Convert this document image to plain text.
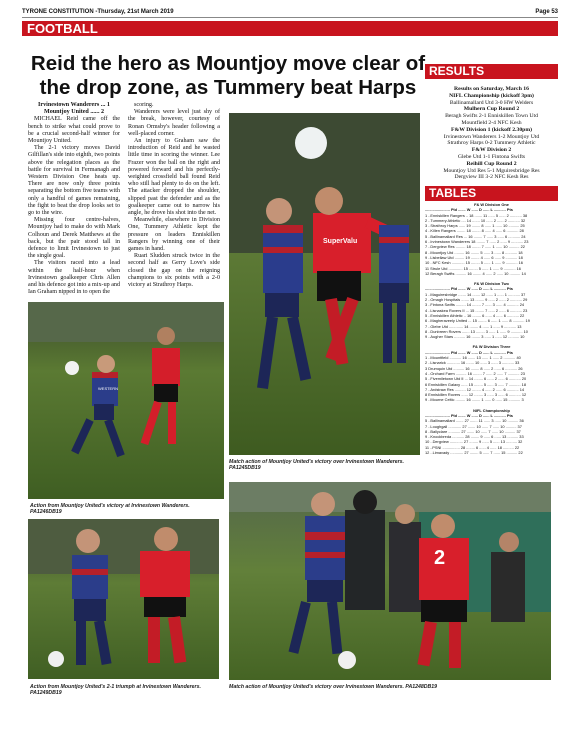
TYRONE CONSTITUTION -Thursday, 21st March 2019	Page 53
FOOTBALL
Reid the hero as Mountjoy move clear of the drop zone, as Tummery beat Harps

Irvinestown Wanderers ... 1

Mountjoy United ...... 2

MICHAEL Reid came off the bench to strike what could prove to be a crucial second-half winner for Mountjoy United.

The 2-1 victory moves David Gilfillan's side into eighth, two points above the relegation places as the battle for survival in Fermanagh and Western Division One heats up. There are now only three points separating the bottom five teams with only a handful of games remaining, the fight to beat the drop looks set to go to the wire.

Missing four centre-halves, Mountjoy had to make do with Mark Colhoun and Derek Matthews at the back, but the pair stood tall in defence to limit Irvinestown to just the single goal.

The visitors raced into a lead within the half-hour when Irvinestown goalkeeper Chris Allen and his defence got into a mix-up and Ian Graham nipped in to open the

scoring.

Wanderers were level just shy of the break, however, courtesy of Ronan Ormsby's header following a well-placed corner.

An injury to Graham saw the introduction of Reid and he wasted little time in scoring the winner. Lee Frazer won the ball on the right and powered forward and his perfectly-weighted crossfield ball found Reid who still had plenty to do on the left. The attacker dropped the shoulder, slipped past the defender and as the goalkeeper came out to narrow his angle, he drove his shot into the net.

Meanwhile, elsewhere in Division One, Tummery Athletic kept the pressure on leaders Enniskillen Rangers by winning one of their games in hand.

Ruari Sludden struck twice in the second half as Gerry Love's side closed the gap on the reigning champions to six points with a 2-0 victory at Strathroy Harps.

WESTERN
Action from Mountjoy United's victory at Irvinestown Wanderers. PA1246DB19
SuperValu
Match action of Mountjoy United's victory over Irvinestown Wanderers. PA1245DB19
Action from Mountjoy United's 2-1 triumph at Irvinestown Wanderers. PA1249DB19
2
Match action of Mountjoy United's victory over Irvinestown Wanderers. PA1248DB19
RESULTS
Results on Saturday, March 16
NIFL Championship (kickoff 3pm)
Ballinamallard Utd 3-0 HW Welders
Mulhern Cup Round 2
Beragh Swifts 2-1 Enniskillen Town Utd
Mountfield 2-4 NFC Kesh
F&W Division 1 (kickoff 2.30pm)
Irvinestown Wanderers 1-2 Mountjoy Utd
Strathroy Harps 0-2 Tummery Athletic
F&W Division 2
Glebe Utd 1-1 Fintona Swifts
Reihill Cup Round 2
Mountjoy Utd Res 5-1 Mguiresbridge Res
Dergview III 3-2 NFC Kesh Res
TABLES
F& W Division One
....................... Pld ....... W ...... D ...... L ........... Pts
1 ..Enniskillen Rangers .. 18 ....... 11 ...... 5 ...... 2 ........... 38
2 ..Tummery Athletic .... 14 ....... 10 ...... 2 ...... 2 ........... 32
3 ..Strathroy Harps ...... 19 ........ 8 ...... 1 ...... 10 .......... 25
4 ..Killen Rangers ........ 18 ........ 8 ...... 4 ...... 6 ........... 28
5 ..Ballinamallard Res ... 16 ........ 7 ...... 3 ...... 6 ........... 24
6 ..Irvinestown Wanderers 18 ........ 7 ...... 2 ...... 9 ........... 23
7 ..Dergview Res ......... 18 ........ 7 ...... 1 ...... 10 .......... 22
8 ..Mountjoy Utd ......... 16 ........ 5 ...... 3 ...... 8 ........... 18
9 ..Lisbellaw Utd ......... 19 ........ 4 ...... 6 ...... 9 ........... 18
10 ..NFC Kesh ............ 15 ........ 5 ...... 1 ...... 9 ........... 16
11 Strule Utd ............. 15 ........ 5 ...... 1 ...... 9 ........... 16
12 Beragh Swifts .......... 16 ........ 4 ...... 2 ...... 10 .......... 14
F& W Division Two
....................... Pld ....... W ...... D ...... L ........... Pts
1 ..Maguiresbridge ....... 14 ....... 12 ...... 1 ...... 1 ........... 37
2 ..Omagh Hospitals ....... 13 ........ 9 ...... 2 ...... 2 ........... 29
3 ..Fintona Swifts ......... 14 ........ 7 ...... 3 ...... 4 ........... 24
4 ..Lisnaskea Rovers II ... 15 ........ 7 ...... 2 ...... 6 ........... 23
5 ..Enniskillen Athletic .. 16 ........ 6 ...... 4 ...... 6 ........... 22
6 ..Magheraveely United ... 15 ........ 6 ...... 1 ...... 8 ........... 19
7 ..Glebe Utd ............. 14 ........ 4 ...... 1 ...... 9 ........... 13
8 ..Dunbreen Rovers ....... 13 ........ 3 ...... 1 ...... 9 ........... 10
9 ..Augher Stars .......... 16 ........ 3 ...... 1 ...... 12 .......... 10
F& W Division Three
....................... Pld ....... W ...... D ...... L ........... Pts
1 ..Mountfield ........... 16 ....... 13 ...... 1 ...... 2 ........... 40
2 ..Lisnarick ............ 16 ....... 10 ...... 3 ...... 3 ........... 33
3 Drumquin Utd .......... 16 ........ 8 ...... 2 ...... 6 ........... 26
4 ..Orchard Farm .......... 16 ........ 7 ...... 2 ...... 7 ........... 23
5 ..Fivemiletown Utd II ... 14 ........ 6 ...... 2 ...... 6 ........... 20
6 Enniskillen Galaxy ...... 15 ........ 5 ...... 3 ...... 7 ........... 18
7 ..Ardstraw Res .......... 12 ........ 4 ...... 2 ...... 6 ........... 14
8 Enniskillen Rovers ...... 12 ........ 3 ...... 3 ...... 6 ........... 12
9 ..Mourne Celtic ......... 16 ........ 1 ...... 0 ...... 15 ........... 3
NIFL Championship
....................... Pld ....... W ...... D ...... L ........... Pts
5 ..Ballinamallard ....... 27 ....... 11 ...... 3 ...... 10 .......... 36
7 ..Loughgall ............ 27 ....... 10 ...... 7 ...... 10 .......... 37
8 ..Ballyclare ........... 27 ....... 10 ...... 7 ...... 10 .......... 37
9 ..Knockbreda ........... 28 ........ 9 ...... 6 ...... 13 .......... 33
10 ..Dergview ............ 27 ........ 9 ...... 5 ...... 13 .......... 32
11 ..PSNI ................ 28 ........ 6 ...... 4 ...... 18 .......... 22
12 ..Limavady ............ 27 ........ 5 ...... 7 ...... 15 .......... 22
